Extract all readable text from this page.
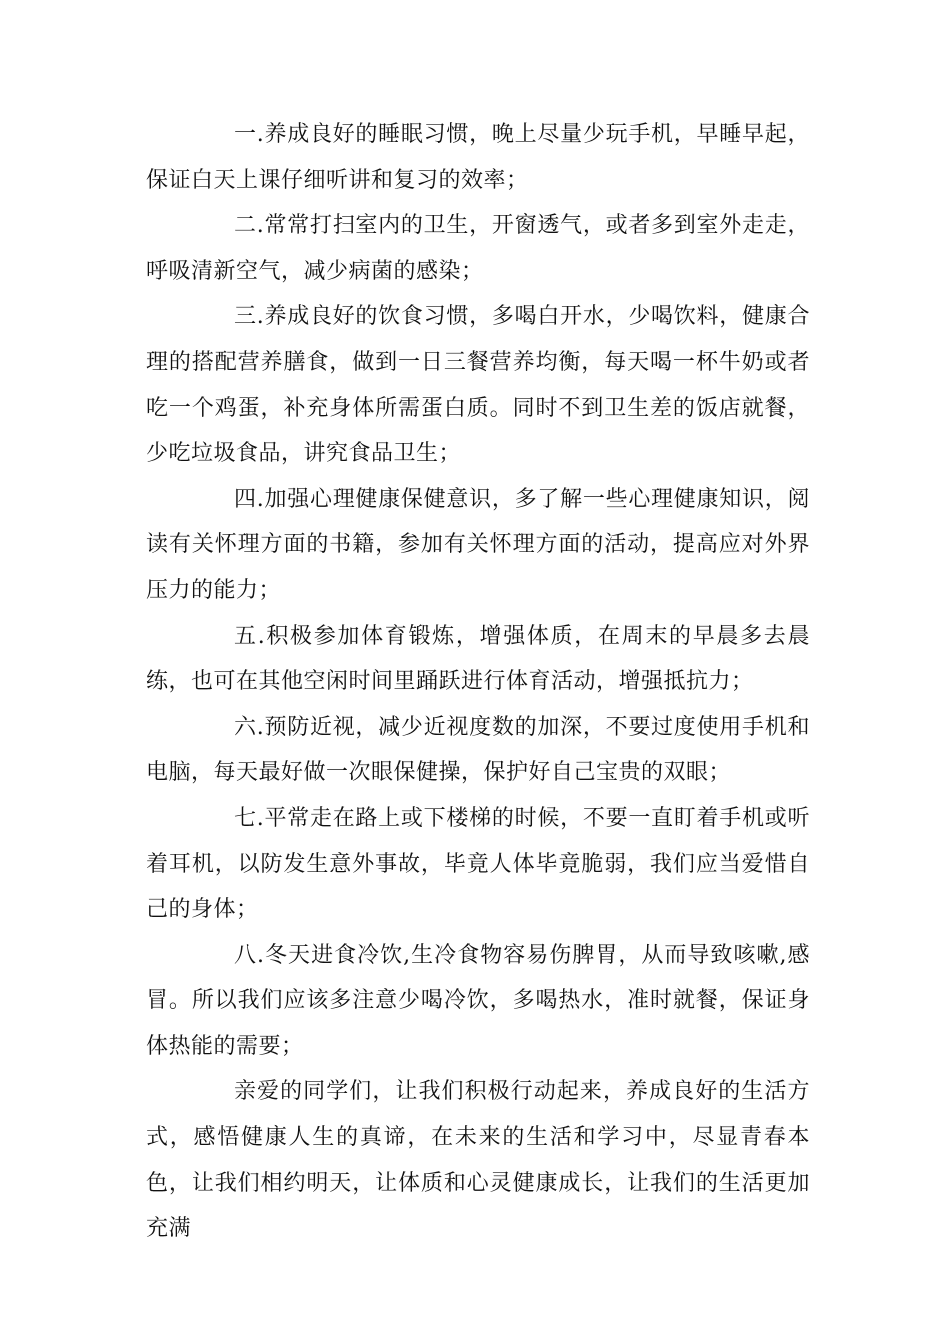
一.养成良好的睡眠习惯，晚上尽量少玩手机，早睡早起，保证白天上课仔细听讲和复习的效率；

二.常常打扫室内的卫生，开窗透气，或者多到室外走走，呼吸清新空气，减少病菌的感染；

三.养成良好的饮食习惯，多喝白开水，少喝饮料，健康合理的搭配营养膳食，做到一日三餐营养均衡，每天喝一杯牛奶或者吃一个鸡蛋，补充身体所需蛋白质。同时不到卫生差的饭店就餐，少吃垃圾食品，讲究食品卫生；

四.加强心理健康保健意识，多了解一些心理健康知识，阅读有关怀理方面的书籍，参加有关怀理方面的活动，提高应对外界压力的能力；

五.积极参加体育锻炼，增强体质，在周末的早晨多去晨练，也可在其他空闲时间里踊跃进行体育活动，增强抵抗力；

六.预防近视，减少近视度数的加深，不要过度使用手机和电脑，每天最好做一次眼保健操，保护好自己宝贵的双眼；

七.平常走在路上或下楼梯的时候，不要一直盯着手机或听着耳机，以防发生意外事故，毕竟人体毕竟脆弱，我们应当爱惜自己的身体；

八.冬天进食冷饮,生冷食物容易伤脾胃，从而导致咳嗽,感冒。所以我们应该多注意少喝冷饮，多喝热水，准时就餐，保证身体热能的需要；

亲爱的同学们，让我们积极行动起来，养成良好的生活方式，感悟健康人生的真谛，在未来的生活和学习中，尽显青春本色，让我们相约明天，让体质和心灵健康成长，让我们的生活更加充满
